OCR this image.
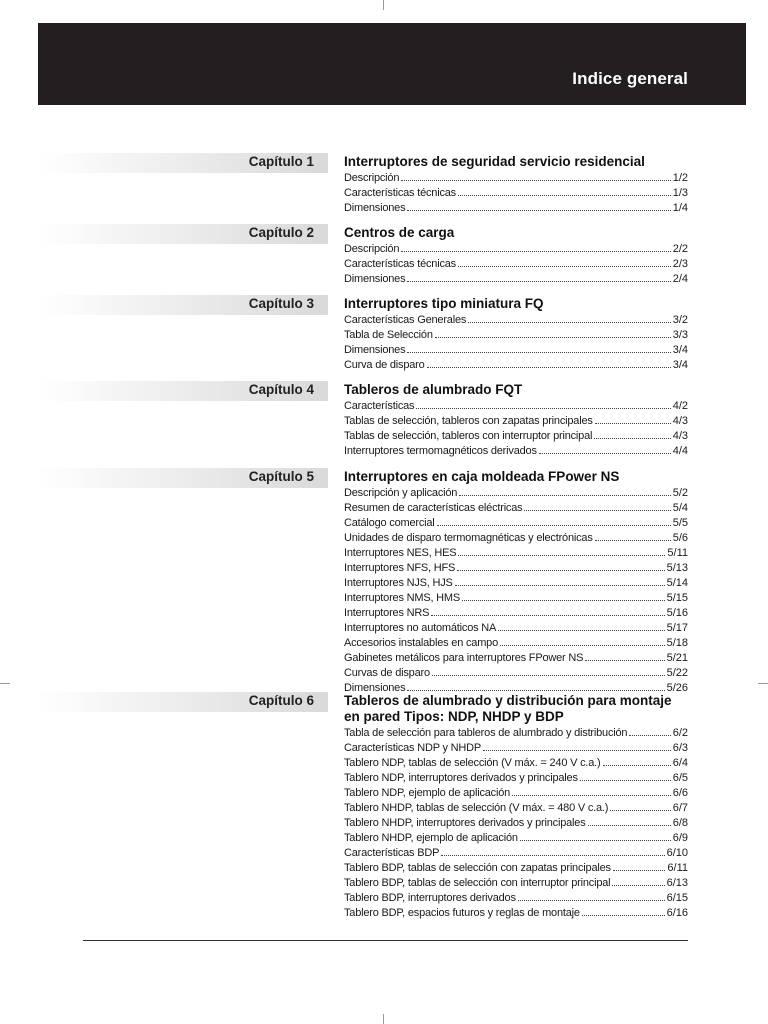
Indice general
Capítulo 1 Interruptores de seguridad servicio residencial
Descripción	1/2
Características técnicas	1/3
Dimensiones	1/4
Capítulo 2 Centros de carga
Descripción	2/2
Características técnicas	2/3
Dimensiones	2/4
Capítulo 3 Interruptores tipo miniatura FQ
Características Generales	3/2
Tabla de Selección	3/3
Dimensiones	3/4
Curva de disparo	3/4
Capítulo 4 Tableros de alumbrado FQT
Características	4/2
Tablas de selección, tableros con zapatas principales	4/3
Tablas de selección, tableros con interruptor principal	4/3
Interruptores termomagnéticos derivados	4/4
Capítulo 5 Interruptores en caja moldeada FPower NS
Descripción y aplicación	5/2
Resumen de características eléctricas	5/4
Catálogo comercial	5/5
Unidades de disparo termomagnéticas y electrónicas	5/6
Interruptores NES, HES	5/11
Interruptores NFS, HFS	5/13
Interruptores NJS, HJS	5/14
Interruptores NMS, HMS	5/15
Interruptores NRS	5/16
Interruptores no automáticos NA	5/17
Accesorios instalables en campo	5/18
Gabinetes metálicos para interruptores FPower NS	5/21
Curvas de disparo	5/22
Dimensiones	5/26
Capítulo 6 Tableros de alumbrado y distribución para montaje en pared Tipos: NDP, NHDP y BDP
Tabla de selección para tableros de alumbrado y distribución	6/2
Características NDP y NHDP	6/3
Tablero NDP, tablas de selección (V máx. = 240 V c.a.)	6/4
Tablero NDP, interruptores derivados y principales	6/5
Tablero NDP, ejemplo de aplicación	6/6
Tablero NHDP, tablas de selección (V máx. = 480 V c.a.)	6/7
Tablero NHDP, interruptores derivados y principales	6/8
Tablero NHDP, ejemplo de aplicación	6/9
Características BDP	6/10
Tablero BDP, tablas de selección con zapatas principales	6/11
Tablero BDP, tablas de selección con interruptor principal	6/13
Tablero BDP, interruptores derivados	6/15
Tablero BDP, espacios futuros y reglas de montaje	6/16
